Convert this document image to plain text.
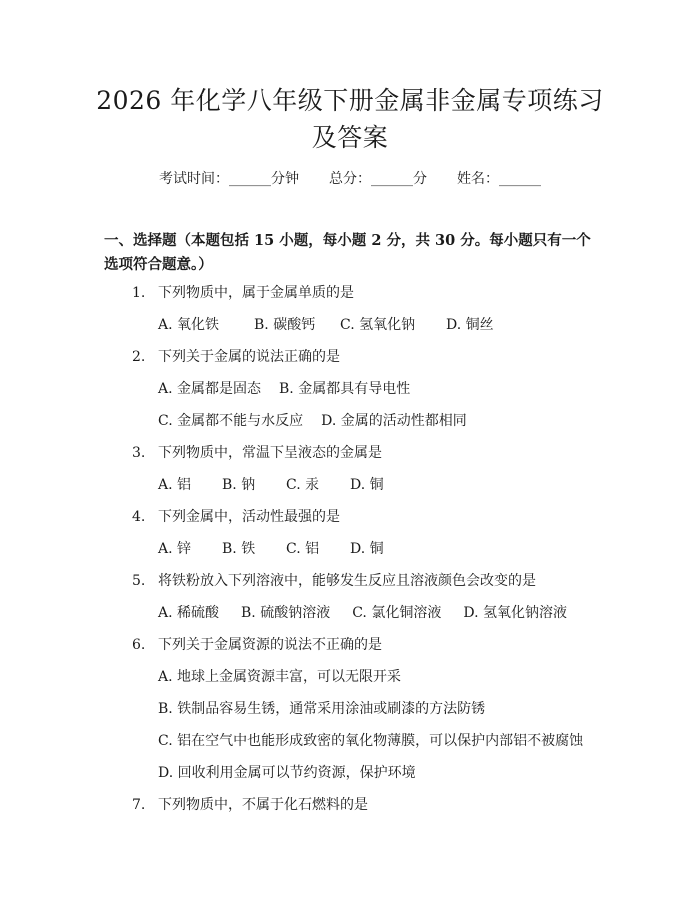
2026 年化学八年级下册金属非金属专项练习
及答案
考试时间：______分钟 总分：______分 姓名：______
一、选择题（本题包括 15 小题，每小题 2 分，共 30 分。每小题只有一个选项符合题意。）
1. 下列物质中，属于金属单质的是
A. 氧化铁 B. 碳酸钙 C. 氢氧化钠 D. 铜丝
2. 下列关于金属的说法正确的是
A. 金属都是固态 B. 金属都具有导电性
C. 金属都不能与水反应 D. 金属的活动性都相同
3. 下列物质中，常温下呈液态的金属是
A. 铝 B. 钠 C. 汞 D. 铜
4. 下列金属中，活动性最强的是
A. 锌 B. 铁 C. 铝 D. 铜
5. 将铁粉放入下列溶液中，能够发生反应且溶液颜色会改变的是
A. 稀硫酸 B. 硫酸钠溶液 C. 氯化铜溶液 D. 氢氧化钠溶液
6. 下列关于金属资源的说法不正确的是
A. 地球上金属资源丰富，可以无限开采
B. 铁制品容易生锈，通常采用涂油或刷漆的方法防锈
C. 铝在空气中也能形成致密的氧化物薄膜，可以保护内部铝不被腐蚀
D. 回收利用金属可以节约资源，保护环境
7. 下列物质中，不属于化石燃料的是
